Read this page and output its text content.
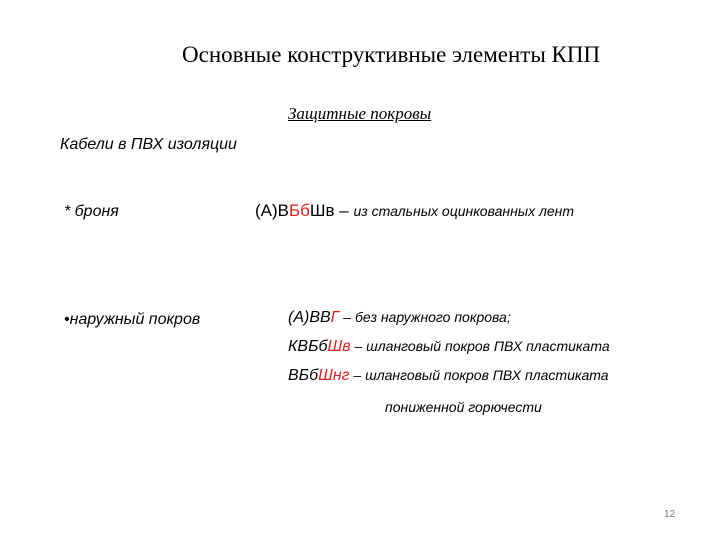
Основные конструктивные элементы КПП
Защитные покровы
Кабели в ПВХ изоляции
* броня	(А)ВБбШв – из стальных оцинкованных лент
•наружный покров	(А)ВВГ – без наружного покрова;
КВБбШв – шланговый покров ПВХ пластиката
ВБбШнг – шланговый покров ПВХ пластиката
пониженной горючести
12
